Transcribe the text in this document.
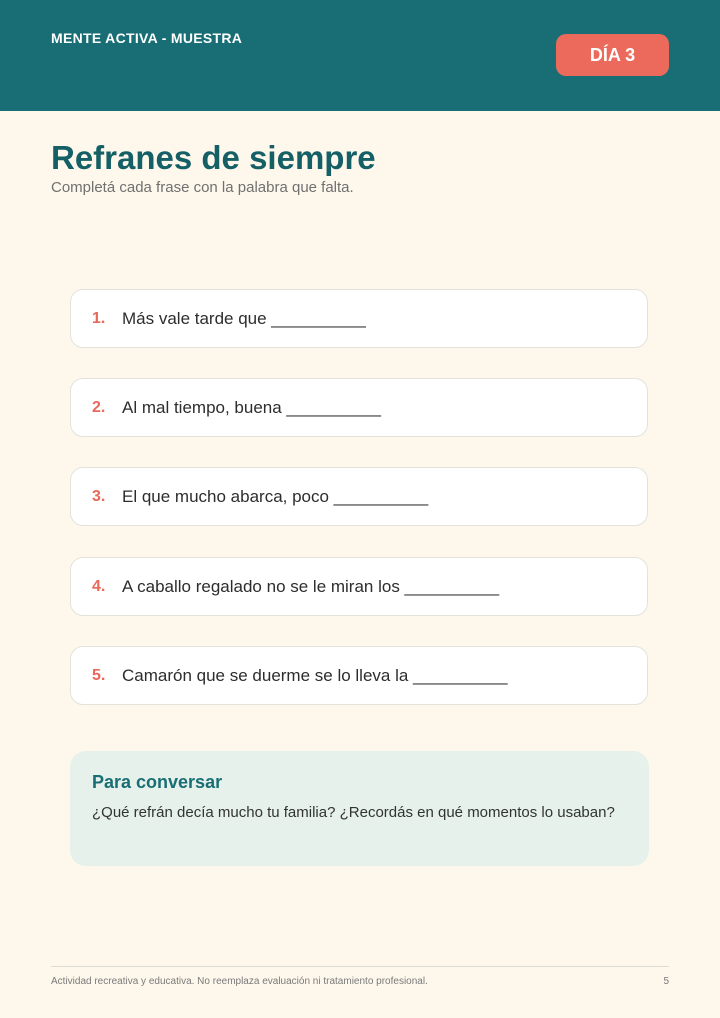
MENTE ACTIVA - MUESTRA
DÍA 3
Refranes de siempre
Completá cada frase con la palabra que falta.
1. Más vale tarde que __________
2. Al mal tiempo, buena __________
3. El que mucho abarca, poco __________
4. A caballo regalado no se le miran los __________
5. Camarón que se duerme se lo lleva la __________
Para conversar
¿Qué refrán decía mucho tu familia? ¿Recordás en qué momentos lo usaban?
Actividad recreativa y educativa. No reemplaza evaluación ni tratamiento profesional.	5
